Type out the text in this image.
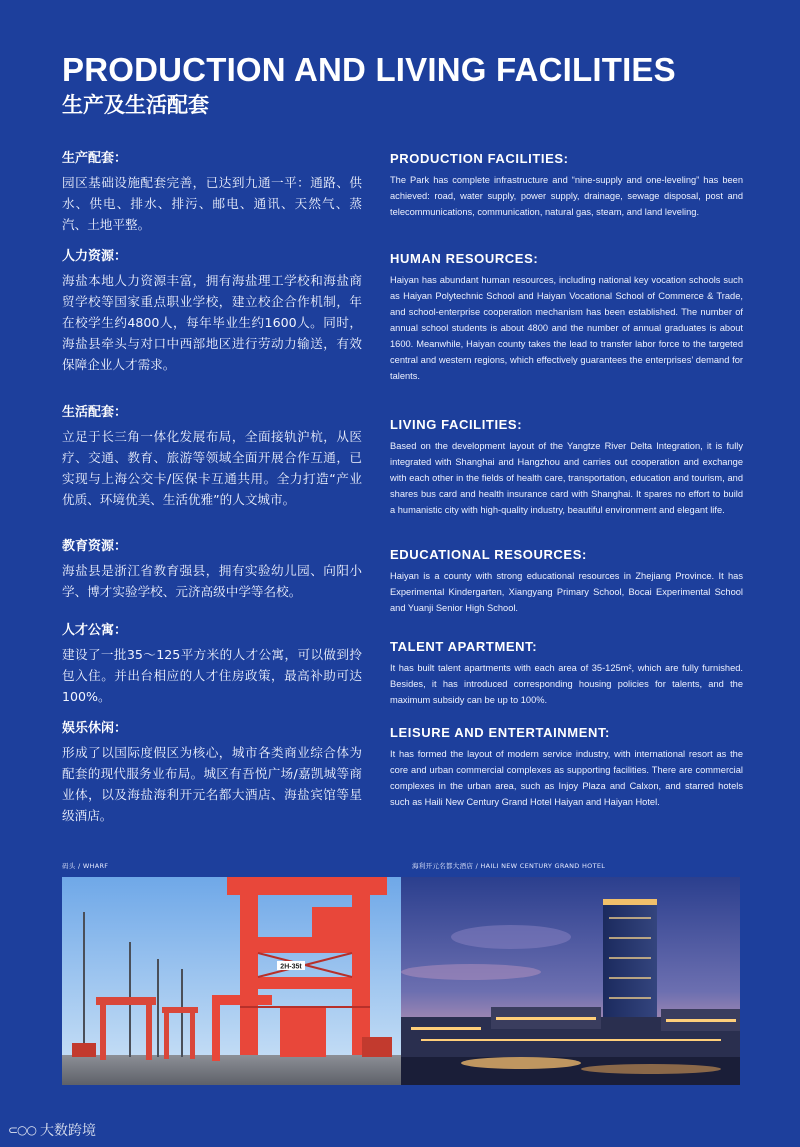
PRODUCTION AND LIVING FACILITIES
生产及生活配套
生产配套：
园区基础设施配套完善，已达到九通一平：通路、供水、供电、排水、排污、邮电、通讯、天然气、蒸汽、土地平整。
人力资源：
海盐本地人力资源丰富，拥有海盐理工学校和海盐商贸学校等国家重点职业学校，建立校企合作机制，年在校学生约4800人，每年毕业生约1600人。同时，海盐县牵头与对口中西部地区进行劳动力输送，有效保障企业人才需求。
生活配套：
立足于长三角一体化发展布局，全面接轨沪杭，从医疗、交通、教育、旅游等领域全面开展合作互通，已实现与上海公交卡/医保卡互通共用。全力打造“产业优质、环境优美、生活优雅”的人文城市。
教育资源：
海盐县是浙江省教育强县，拥有实验幼儿园、向阳小学、博才实验学校、元济高级中学等名校。
人才公寓：
建设了一批35～125平方米的人才公寓，可以做到拎包入住。并出台相应的人才住房政策，最高补助可达100%。
娱乐休闲：
形成了以国际度假区为核心，城市各类商业综合体为配套的现代服务业布局。城区有吾悦广场/嘉凯城等商业体，以及海盐海利开元名都大酒店、海盐宾馆等星级酒店。
PRODUCTION FACILITIES:
The Park has complete infrastructure and “nine-supply and one-leveling” has been achieved: road, water supply, power supply, drainage, sewage disposal, post and telecommunications, communication, natural gas, steam, and land leveling.
HUMAN RESOURCES:
Haiyan has abundant human resources, including national key vocation schools such as Haiyan Polytechnic School and Haiyan Vocational School of Commerce & Trade, and school-enterprise cooperation mechanism has been established. The number of annual school students is about 4800 and the number of annual graduates is about 1600. Meanwhile, Haiyan county takes the lead to transfer labor force to the targeted central and western regions, which effectively guarantees the enterprises’ demand for talents.
LIVING FACILITIES:
Based on the development layout of the Yangtze River Delta Integration, it is fully integrated with Shanghai and Hangzhou and carries out cooperation and exchange with each other in the fields of health care, transportation, education and tourism, and shares bus card and health insurance card with Shanghai. It spares no effort to build a humanistic city with high-quality industry, beautiful environment and elegant life.
EDUCATIONAL RESOURCES:
Haiyan is a county with strong educational resources in Zhejiang Province. It has Experimental Kindergarten, Xiangyang Primary School, Bocai Experimental School and Yuanji Senior High School.
TALENT APARTMENT:
It has built talent apartments with each area of 35-125m², which are fully furnished. Besides, it has introduced corresponding housing policies for talents, and the maximum subsidy can be up to 100%.
LEISURE AND ENTERTAINMENT:
It has formed the layout of modern service industry, with international resort as the core and urban commercial complexes as supporting facilities. There are commercial complexes in the urban area, such as Injoy Plaza and Calxon, and starred hotels such as Haili New Century Grand Hotel Haiyan and Haiyan Hotel.
码头 / WHARF	海利开元名都大酒店 / HAILI NEW CENTURY GRAND HOTEL
2H-35t
⊂○○ 大数跨境
